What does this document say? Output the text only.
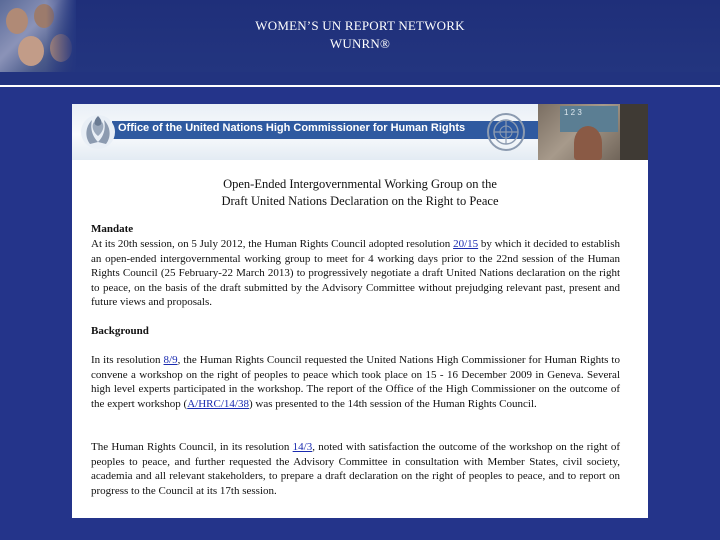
WOMEN’S UN REPORT NETWORK
WUNRN®
Office of the United Nations High Commissioner for Human Rights
1 2 3
Open-Ended Intergovernmental Working Group on the
Draft United Nations Declaration on the Right to Peace
Mandate
At its 20th session, on 5 July 2012, the Human Rights Council adopted resolution 20/15 by which it decided to establish an open-ended intergovernmental working group to meet for 4 working days prior to the 22nd session of the Human Rights Council (25 February-22 March 2013) to progressively negotiate a draft United Nations declaration on the right to peace, on the basis of the draft submitted by the Advisory Committee without prejudging relevant past, present and future views and proposals.
Background
In its resolution 8/9, the Human Rights Council requested the United Nations High Commissioner for Human Rights to convene a workshop on the right of peoples to peace which took place on 15 - 16 December 2009 in Geneva. Several high level experts participated in the workshop. The report of the Office of the High Commissioner on the outcome of the expert workshop (A/HRC/14/38) was presented to the 14th session of the Human Rights Council.
The Human Rights Council, in its resolution 14/3, noted with satisfaction the outcome of the workshop on the right of peoples to peace, and further requested the Advisory Committee in consultation with Member States, civil society, academia and all relevant stakeholders, to prepare a draft declaration on the right of peoples to peace, and to report on progress to the Council at its 17th session.
